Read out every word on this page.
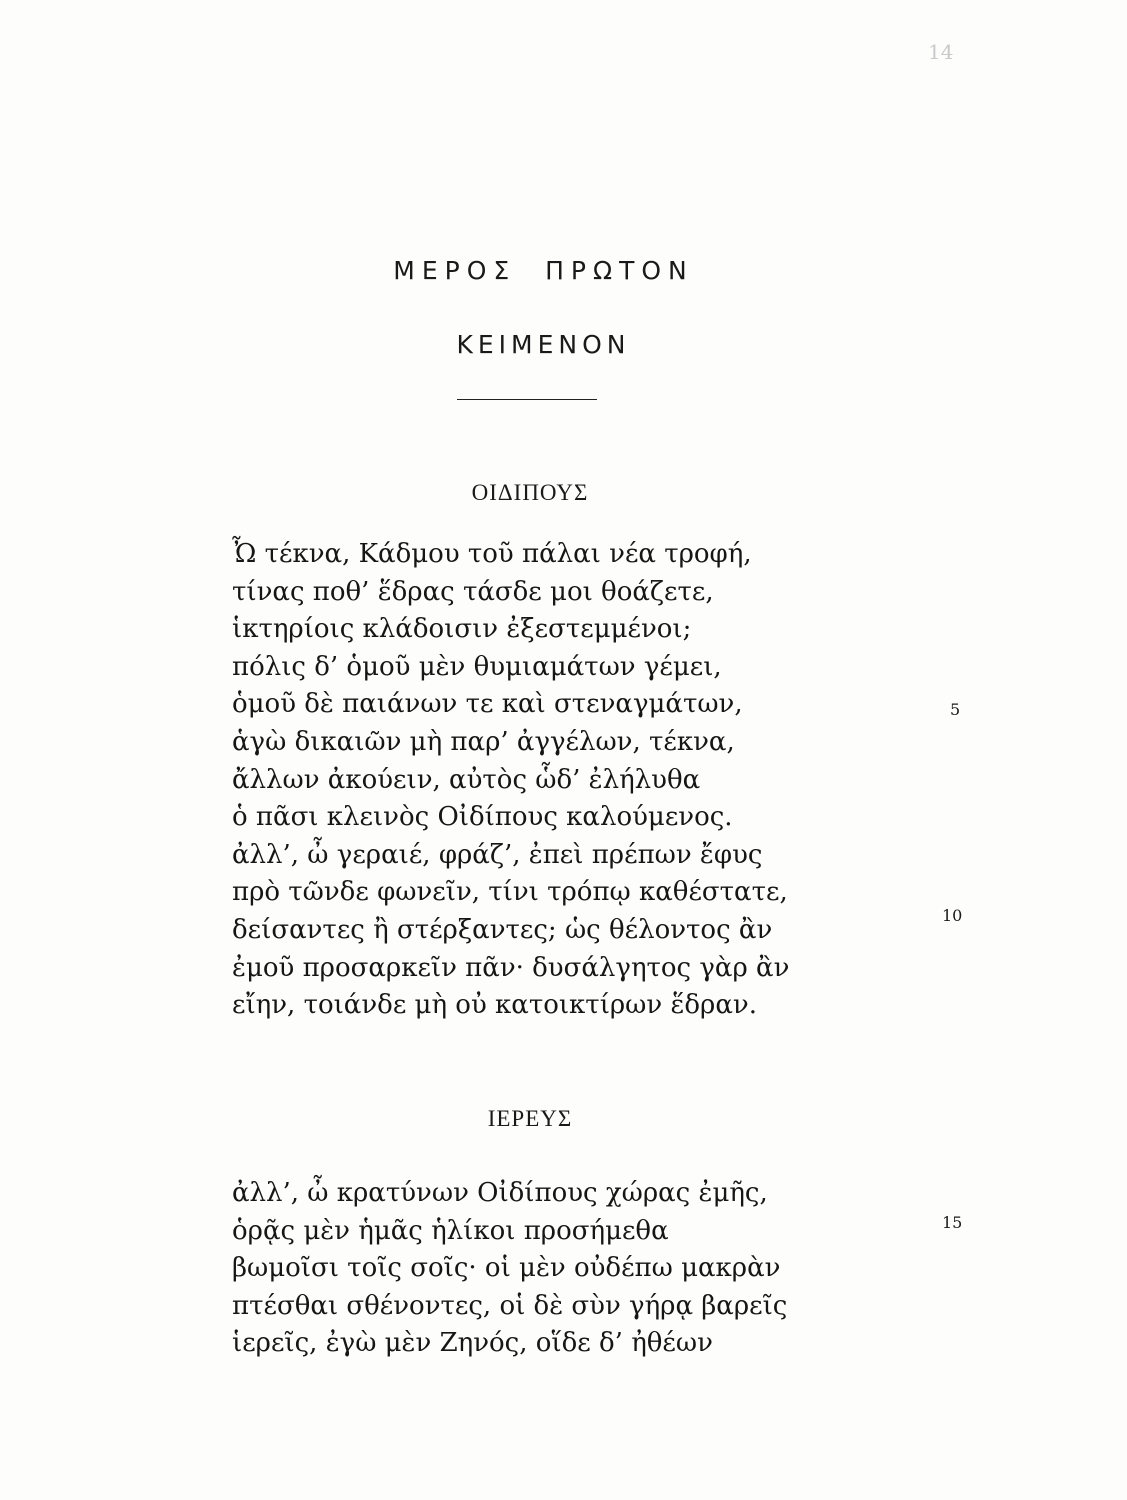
14
ΜΕΡΟΣ ΠΡΩΤΟΝ
ΚΕΙΜΕΝΟΝ
ΟΙΔΙΠΟΥΣ
Ὦ τέκνα, Κάδμου τοῦ πάλαι νέα τροφή,
τίνας ποθ’ ἕδρας τάσδε μοι θοάζετε,
ἱκτηρίοις κλάδοισιν ἐξεστεμμένοι;
πόλις δ’ ὁμοῦ μὲν θυμιαμάτων γέμει,
ὁμοῦ δὲ παιάνων τε καὶ στεναγμάτων,
ἁγὼ δικαιῶν μὴ παρ’ ἀγγέλων, τέκνα,
ἄλλων ἀκούειν, αὐτὸς ὧδ’ ἐλήλυθα
ὁ πᾶσι κλεινὸς Οἰδίπους καλούμενος.
ἀλλ’, ὦ γεραιέ, φράζ’, ἐπεὶ πρέπων ἔφυς
πρὸ τῶνδε φωνεῖν, τίνι τρόπῳ καθέστατε,
δείσαντες ἢ στέρξαντες; ὡς θέλοντος ἂν
ἐμοῦ προσαρκεῖν πᾶν· δυσάλγητος γὰρ ἂν
εἴην, τοιάνδε μὴ οὐ κατοικτίρων ἕδραν.
ΙΕΡΕΥΣ
ἀλλ’, ὦ κρατύνων Οἰδίπους χώρας ἐμῆς,
ὁρᾷς μὲν ἡμᾶς ἡλίκοι προσήμεθα
βωμοῖσι τοῖς σοῖς· οἱ μὲν οὐδέπω μακρὰν
πτέσθαι σθένοντες, οἱ δὲ σὺν γήρᾳ βαρεῖς
ἱερεῖς, ἐγὼ μὲν Ζηνός, οἵδε δ’ ἠθέων
5
10
15
